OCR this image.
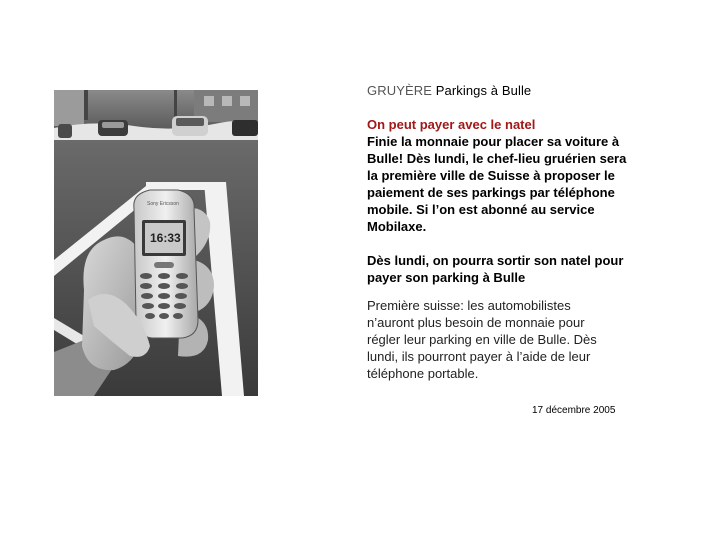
Sony Ericsson
16:33

GRUYÈRE Parkings à Bulle

On peut payer avec le natel
Finie la monnaie pour placer sa voiture à Bulle! Dès lundi, le chef-lieu gruérien sera la première ville de Suisse à proposer le paiement de ses parkings par téléphone mobile. Si l’on est abonné au service Mobilaxe.
Dès lundi, on pourra sortir son natel pour payer son parking à Bulle
Première suisse: les automobilistes n’auront plus besoin de monnaie pour régler leur parking en ville de Bulle. Dès lundi, ils pourront payer à l’aide de leur téléphone portable.
17 décembre 2005
